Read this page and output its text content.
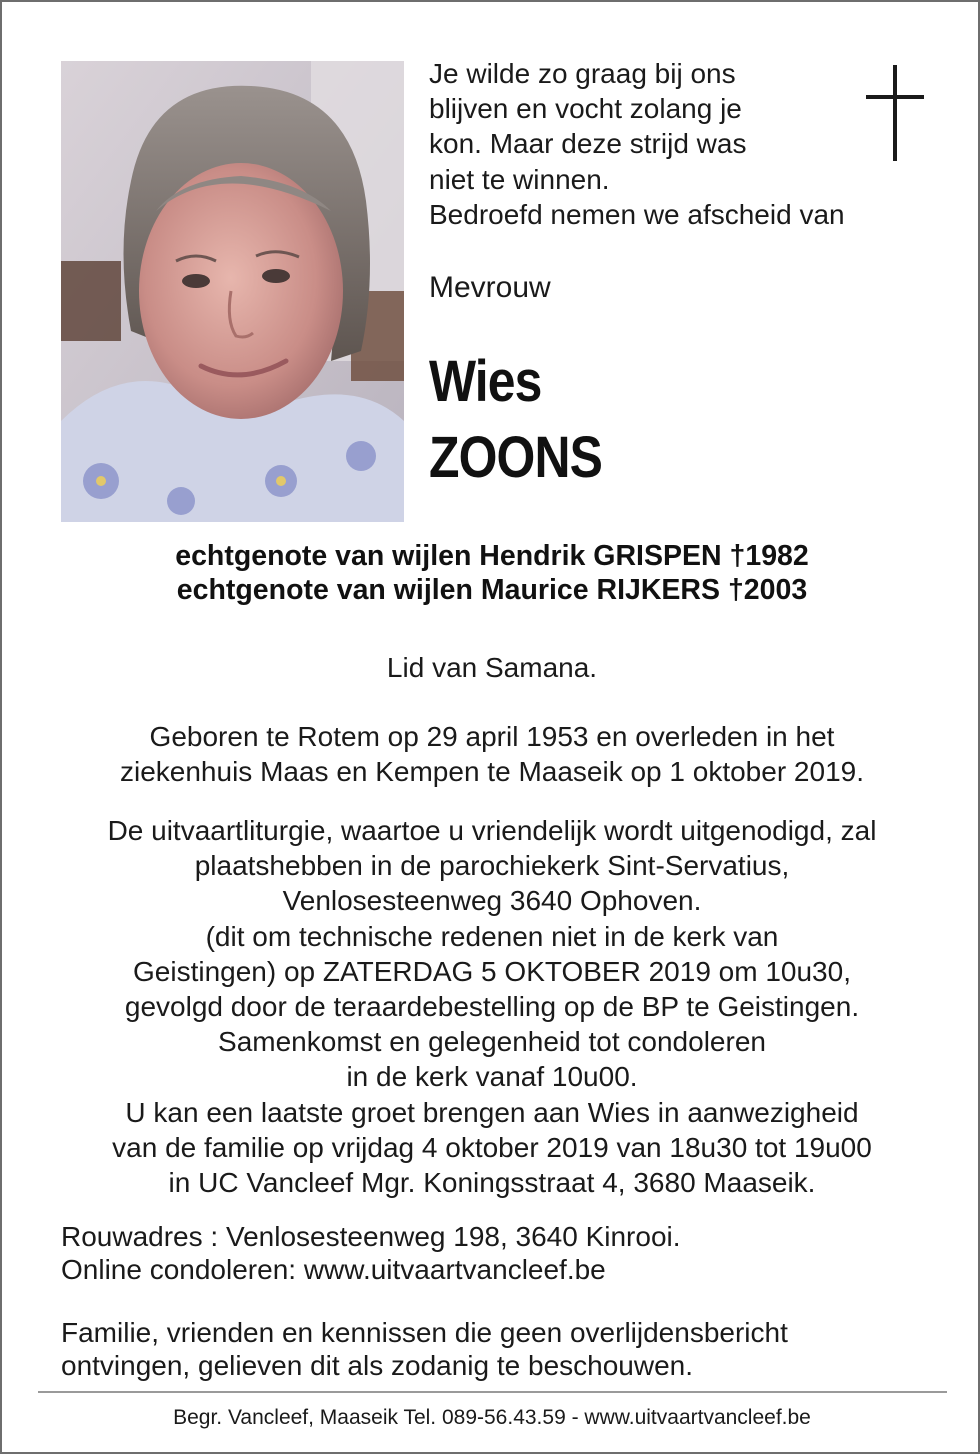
Je wilde zo graag bij ons
blijven en vocht zolang je
kon. Maar deze strijd was
niet te winnen.
Bedroefd nemen we afscheid van
Mevrouw
Wies
ZOONS
echtgenote van wijlen Hendrik GRISPEN †1982
echtgenote van wijlen Maurice RIJKERS †2003
Lid van Samana.
Geboren te Rotem op 29 april 1953 en overleden in het
ziekenhuis Maas en Kempen te Maaseik op 1 oktober 2019.
De uitvaartliturgie, waartoe u vriendelijk wordt uitgenodigd, zal
plaatshebben in de parochiekerk Sint-Servatius,
Venlosesteenweg 3640 Ophoven.
(dit om technische redenen niet in de kerk van
Geistingen) op ZATERDAG 5 OKTOBER 2019 om 10u30,
gevolgd door de teraardebestelling op de BP te Geistingen.
Samenkomst en gelegenheid tot condoleren
in de kerk vanaf 10u00.
U kan een laatste groet brengen aan Wies in aanwezigheid
van de familie op vrijdag 4 oktober 2019 van 18u30 tot 19u00
in UC Vancleef Mgr. Koningsstraat 4, 3680 Maaseik.
Rouwadres : Venlosesteenweg 198, 3640 Kinrooi.
Online condoleren: www.uitvaartvancleef.be
Familie, vrienden en kennissen die geen overlijdensbericht
ontvingen, gelieven dit als zodanig te beschouwen.
Begr. Vancleef, Maaseik Tel. 089-56.43.59 - www.uitvaartvancleef.be
